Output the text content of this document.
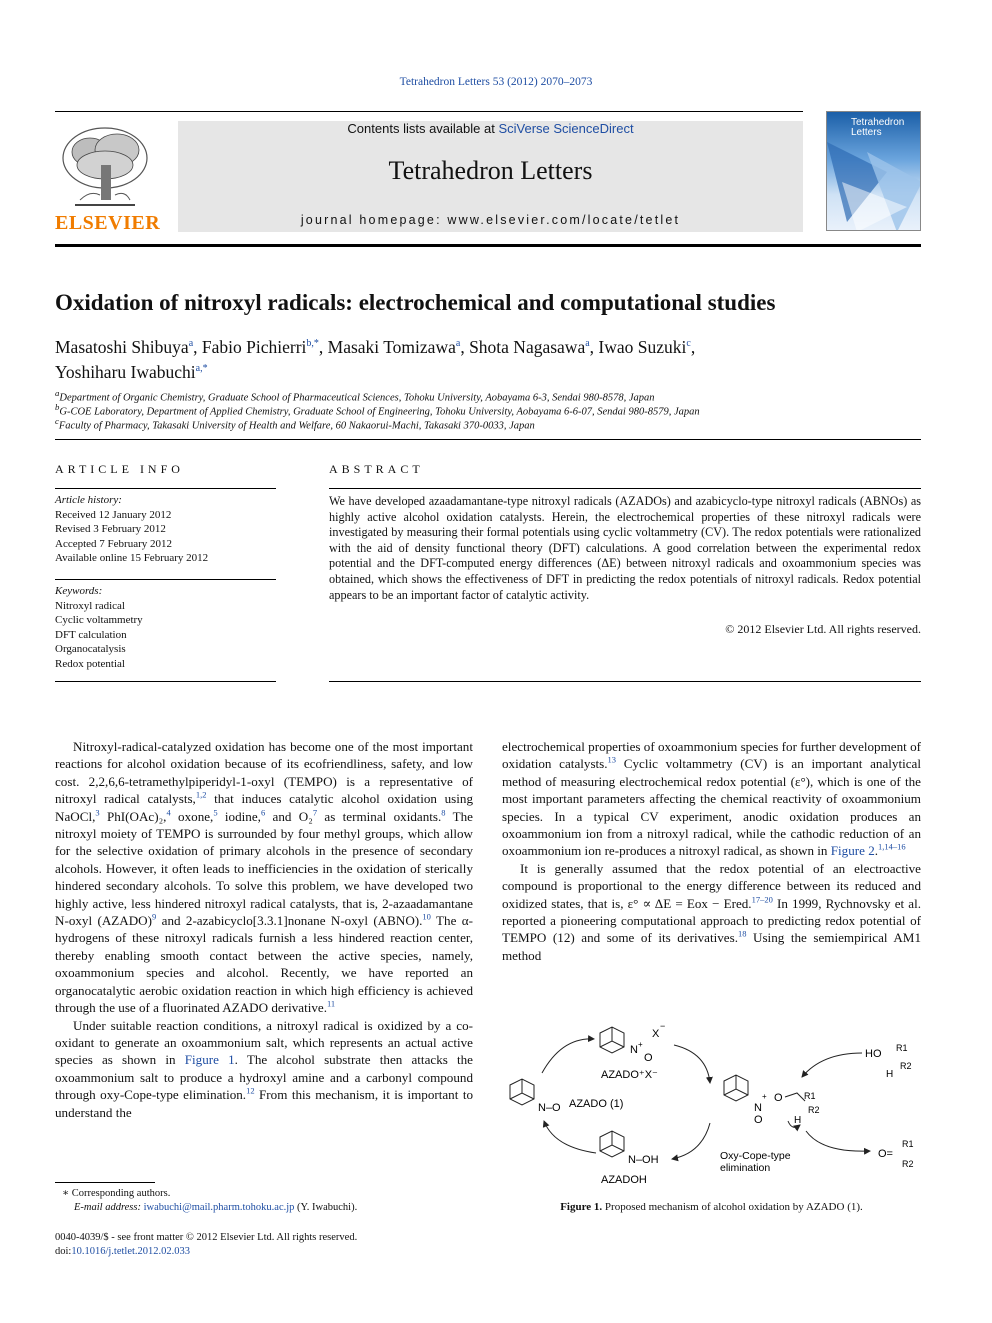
Tetrahedron Letters 53 (2012) 2070–2073
ELSEVIER
Contents lists available at SciVerse ScienceDirect
Tetrahedron Letters
journal homepage: www.elsevier.com/locate/tetlet
Tetrahedron Letters
Oxidation of nitroxyl radicals: electrochemical and computational studies
Masatoshi Shibuya$^a$, Fabio Pichierri$^{b,*}$, Masaki Tomizawa$^a$, Shota Nagasawa$^a$, Iwao Suzuki$^c$,
Yoshiharu Iwabuchi$^{a,*}$
$^a$Department of Organic Chemistry, Graduate School of Pharmaceutical Sciences, Tohoku University, Aobayama 6-3, Sendai 980-8578, Japan
$^b$G-COE Laboratory, Department of Applied Chemistry, Graduate School of Engineering, Tohoku University, Aobayama 6-6-07, Sendai 980-8579, Japan
$^c$Faculty of Pharmacy, Takasaki University of Health and Welfare, 60 Nakaorui-Machi, Takasaki 370-0033, Japan
ARTICLE INFO
Article history:
Received 12 January 2012
Revised 3 February 2012
Accepted 7 February 2012
Available online 15 February 2012
Keywords:
Nitroxyl radical
Cyclic voltammetry
DFT calculation
Organocatalysis
Redox potential
ABSTRACT
We have developed azaadamantane-type nitroxyl radicals (AZADOs) and azabicyclo-type nitroxyl radicals (ABNOs) as highly active alcohol oxidation catalysts. Herein, the electrochemical properties of these nitroxyl radicals were investigated by measuring their formal potentials using cyclic voltammetry (CV). The redox potentials were rationalized with the aid of density functional theory (DFT) calculations. A good correlation between the experimental redox potential and the DFT-computed energy differences (ΔE) between nitroxyl radicals and oxoammonium species was obtained, which shows the effectiveness of DFT in predicting the redox potentials of nitroxyl radicals. Redox potential appears to be an important factor of catalytic activity.
© 2012 Elsevier Ltd. All rights reserved.

Nitroxyl-radical-catalyzed oxidation has become one of the most important reactions for alcohol oxidation because of its ecofriendliness, safety, and low cost. 2,2,6,6-tetramethylpiperidyl-1-oxyl (TEMPO) is a representative of nitroxyl radical catalysts,$^{1,2}$ that induces catalytic alcohol oxidation using NaOCl,$^3$ PhI(OAc)₂,$^4$ oxone,$^5$ iodine,$^6$ and O₂$^7$ as terminal oxidants.$^8$ The nitroxyl moiety of TEMPO is surrounded by four methyl groups, which allow for the selective oxidation of primary alcohols in the presence of secondary alcohols. However, it often leads to inefficiencies in the oxidation of sterically hindered secondary alcohols. To solve this problem, we have developed two highly active, less hindered nitroxyl radical catalysts, that is, 2-azaadamantane N-oxyl (AZADO)$^9$ and 2-azabicyclo[3.3.1]nonane N-oxyl (ABNO).$^{10}$ The α-hydrogens of these nitroxyl radicals furnish a less hindered reaction center, thereby enabling smooth contact between the active species, namely, oxoammonium species and alcohol. Recently, we have reported an organocatalytic aerobic oxidation reaction in which high efficiency is achieved through the use of a fluorinated AZADO derivative.$^{11}$

Under suitable reaction conditions, a nitroxyl radical is oxidized by a co-oxidant to generate an oxoammonium salt, which represents an actual active species as shown in Figure 1. The alcohol substrate then attacks the oxoammonium salt to produce a hydroxyl amine and a carbonyl compound through oxy-Cope-type elimination.$^{12}$ From this mechanism, it is important to understand the

electrochemical properties of oxoammonium species for further development of oxidation catalysts.$^{13}$ Cyclic voltammetry (CV) is an important analytical method of measuring electrochemical redox potential (ε°), which is one of the most important parameters affecting the chemical reactivity of oxoammonium species. In a typical CV experiment, anodic oxidation produces an oxoammonium ion from a nitroxyl radical, while the cathodic reduction of an oxoammonium ion re-produces a nitroxyl radical, as shown in Figure 2.$^{1,14-16}$

It is generally assumed that the redox potential of an electroactive compound is proportional to the energy difference between its reduced and oxidized states, that is, ε° ∝ ΔE = Eox − Ered.$^{17-20}$ In 1999, Rychnovsky et al. reported a pioneering computational approach to predicting redox potential of TEMPO (12) and some of its derivatives.$^{18}$ Using the semiempirical AM1 method

X
−
N +
O
AZADO⁺X⁻
N–O AZADO (1)
N–OH
AZADOH
N
+ O
O
R1
R2
H
HO R1
R2
H
O=
R1
R2
Oxy-Cope-type
elimination
Figure 1. Proposed mechanism of alcohol oxidation by AZADO (1).
∗ Corresponding authors.
E-mail address: iwabuchi@mail.pharm.tohoku.ac.jp (Y. Iwabuchi).
0040-4039/$ - see front matter © 2012 Elsevier Ltd. All rights reserved.
doi:10.1016/j.tetlet.2012.02.033
